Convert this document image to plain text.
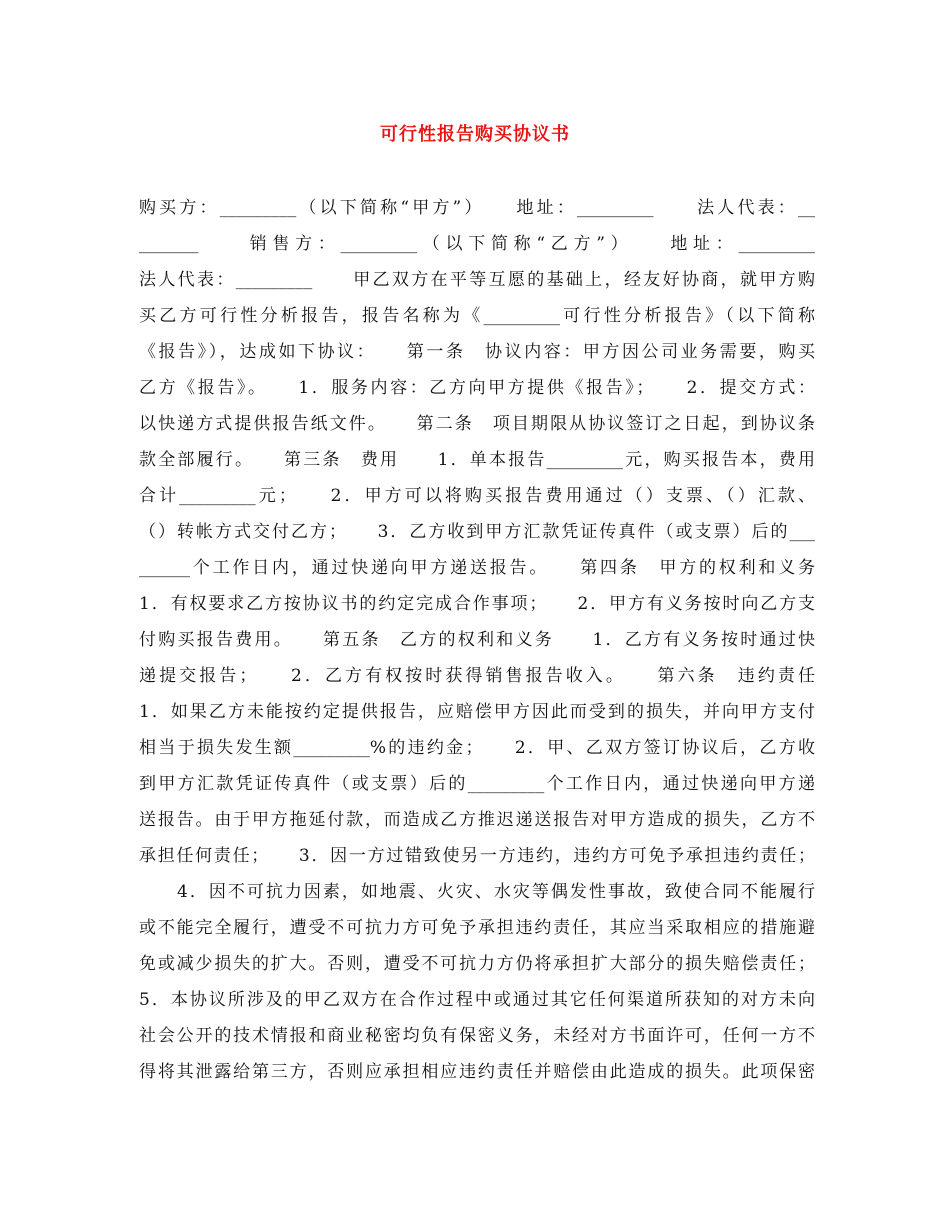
可行性报告购买协议书
购买方：_________（以下简称“甲方”）　　地址：_________　　法人代表：__
_______　　销售方：_________（以下简称“乙方”）　　地址：_________
法人代表：_________　　甲乙双方在平等互愿的基础上，经友好协商，就甲方购
买乙方可行性分析报告，报告名称为《_________可行性分析报告》（以下简称
《报告》），达成如下协议：　　第一条　协议内容：甲方因公司业务需要，购买
乙方《报告》。　　1．服务内容：乙方向甲方提供《报告》；　　2．提交方式：
以快递方式提供报告纸文件。　　第二条　项目期限从协议签订之日起，到协议条
款全部履行。　　第三条　费用　　1．单本报告_________元，购买报告本，费用
合计_________元；　　2．甲方可以将购买报告费用通过（）支票、（）汇款、
（）转帐方式交付乙方；　　3．乙方收到甲方汇款凭证传真件（或支票）后的___
______个工作日内，通过快递向甲方递送报告。　　第四条　甲方的权利和义务
1．有权要求乙方按协议书的约定完成合作事项；　　2．甲方有义务按时向乙方支
付购买报告费用。　　第五条　乙方的权利和义务　　1．乙方有义务按时通过快
递提交报告；　　2．乙方有权按时获得销售报告收入。　　第六条　违约责任
1．如果乙方未能按约定提供报告，应赔偿甲方因此而受到的损失，并向甲方支付
相当于损失发生额_________%的违约金；　　2．甲、乙双方签订协议后，乙方收
到甲方汇款凭证传真件（或支票）后的_________个工作日内，通过快递向甲方递
送报告。由于甲方拖延付款，而造成乙方推迟递送报告对甲方造成的损失，乙方不
承担任何责任；　　3．因一方过错致使另一方违约，违约方可免予承担违约责任；
　　4．因不可抗力因素，如地震、火灾、水灾等偶发性事故，致使合同不能履行
或不能完全履行，遭受不可抗力方可免予承担违约责任，其应当采取相应的措施避
免或减少损失的扩大。否则，遭受不可抗力方仍将承担扩大部分的损失赔偿责任；
5．本协议所涉及的甲乙双方在合作过程中或通过其它任何渠道所获知的对方未向
社会公开的技术情报和商业秘密均负有保密义务，未经对方书面许可，任何一方不
得将其泄露给第三方，否则应承担相应违约责任并赔偿由此造成的损失。此项保密
